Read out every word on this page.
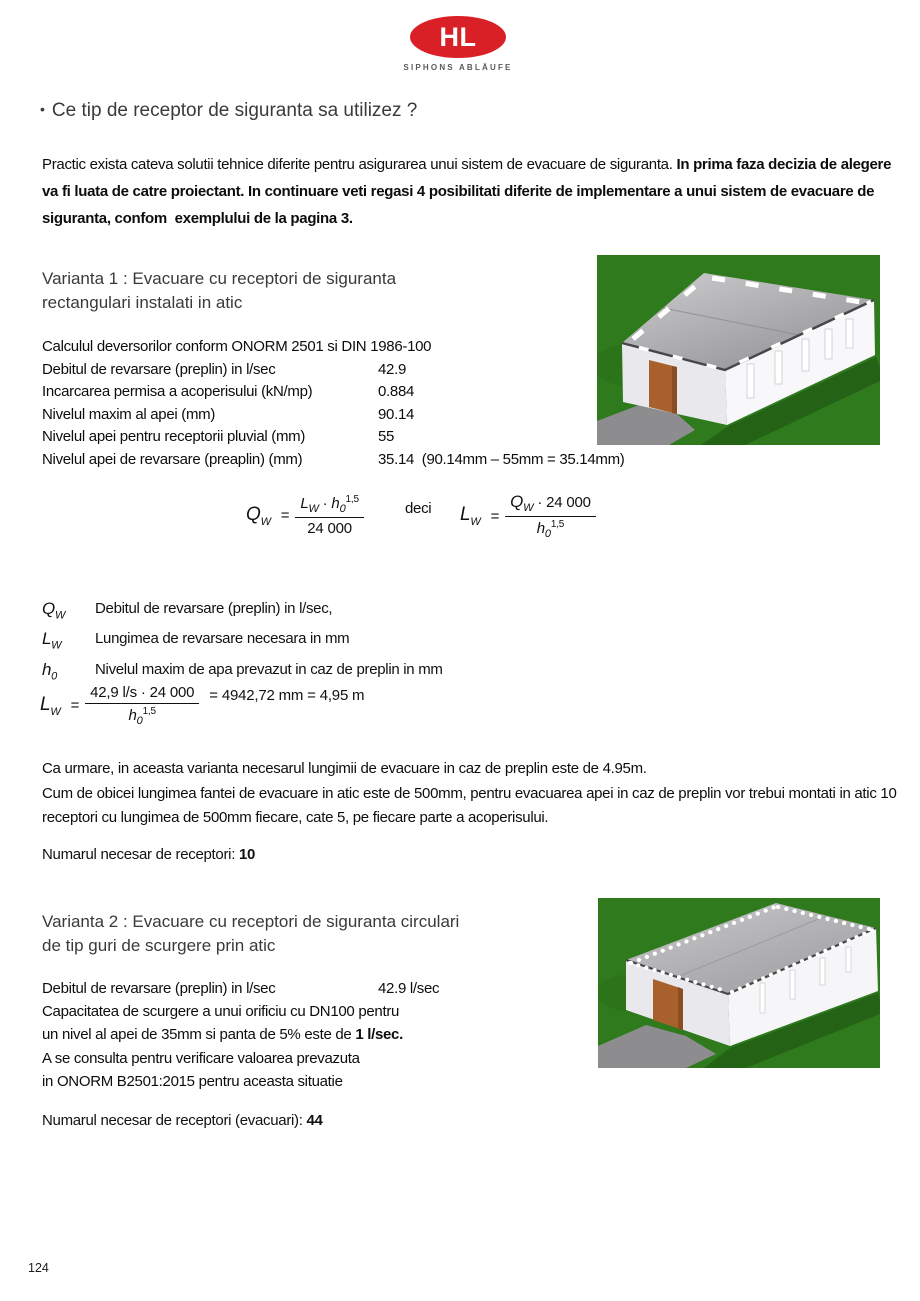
HL
SIPHONS ABLÄUFE
• Ce tip de receptor de siguranta sa utilizez ?
Practic exista cateva solutii tehnice diferite pentru asigurarea unui sistem de evacuare de siguranta. In prima faza decizia de alegere va fi luata de catre proiectant. In continuare veti regasi 4 posibilitati diferite de implementare a unui sistem de evacuare de siguranta, confom  exemplului de la pagina 3.
Varianta 1 : Evacuare cu receptori de siguranta
rectangulari instalati in atic
Calculul deversorilor conform ONORM 2501 si DIN 1986-100
Debitul de revarsare (preplin) in l/sec	42.9
Incarcarea permisa a acoperisului (kN/mp)	0.884
Nivelul maxim al apei (mm)	90.14
Nivelul apei pentru receptorii pluvial (mm)	55
Nivelul apei de revarsare (preaplin) (mm)	35.14  (90.14mm – 55mm = 35.14mm)
$Q_W = \frac{L_W \cdot h_0^{1,5}}{24 000}$	deci $L_W = \frac{Q_W \cdot 24 000}{h_0^{1,5}}$
$Q_W$	Debitul de revarsare (preplin) in l/sec,
$L_W$	Lungimea de revarsare necesara in mm
$h_0$	Nivelul maxim de apa prevazut in caz de preplin in mm
$L_W = \frac{42,9 l/s \cdot 24 000}{h_0^{1,5}} = 4942,72$ mm = 4,95 m
Ca urmare, in aceasta varianta necesarul lungimii de evacuare in caz de preplin este de 4.95m.
Cum de obicei lungimea fantei de evacuare in atic este de 500mm, pentru evacuarea apei in caz de preplin vor trebui montati in atic 10 receptori cu lungimea de 500mm fiecare, cate 5, pe fiecare parte a acoperisului.
Numarul necesar de receptori: 10
Varianta 2 : Evacuare cu receptori de siguranta circulari
de tip guri de scurgere prin atic
Debitul de revarsare (preplin) in l/sec	42.9 l/sec
Capacitatea de scurgere a unui orificiu cu DN100 pentru
un nivel al apei de 35mm si panta de 5% este de 1 l/sec.
A se consulta pentru verificare valoarea prevazuta
in ONORM B2501:2015 pentru aceasta situatie
Numarul necesar de receptori (evacuari): 44
124
